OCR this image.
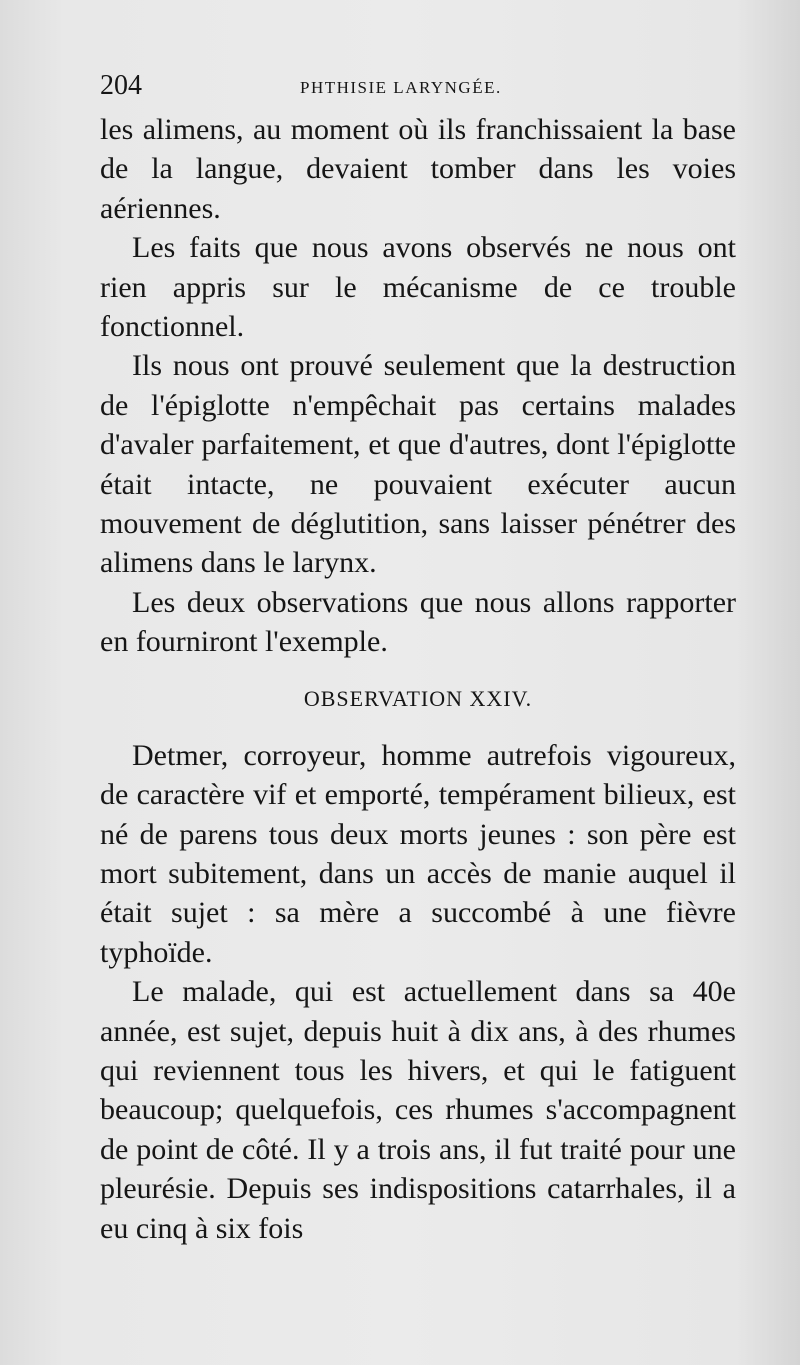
204	PHTHISIE LARYNGÉE.

les alimens, au moment où ils franchissaient la base de la langue, devaient tomber dans les voies aériennes.

Les faits que nous avons observés ne nous ont rien appris sur le mécanisme de ce trouble fonctionnel.

Ils nous ont prouvé seulement que la destruction de l'épiglotte n'empêchait pas certains malades d'avaler parfaitement, et que d'autres, dont l'épiglotte était intacte, ne pouvaient exécuter aucun mouvement de déglutition, sans laisser pénétrer des alimens dans le larynx.

Les deux observations que nous allons rapporter en fourniront l'exemple.

OBSERVATION XXIV.

Detmer, corroyeur, homme autrefois vigoureux, de caractère vif et emporté, tempérament bilieux, est né de parens tous deux morts jeunes : son père est mort subitement, dans un accès de manie auquel il était sujet : sa mère a succombé à une fièvre typhoïde.

Le malade, qui est actuellement dans sa 40e année, est sujet, depuis huit à dix ans, à des rhumes qui reviennent tous les hivers, et qui le fatiguent beaucoup; quelquefois, ces rhumes s'accompagnent de point de côté. Il y a trois ans, il fut traité pour une pleurésie. Depuis ses indispositions catarrhales, il a eu cinq à six fois
